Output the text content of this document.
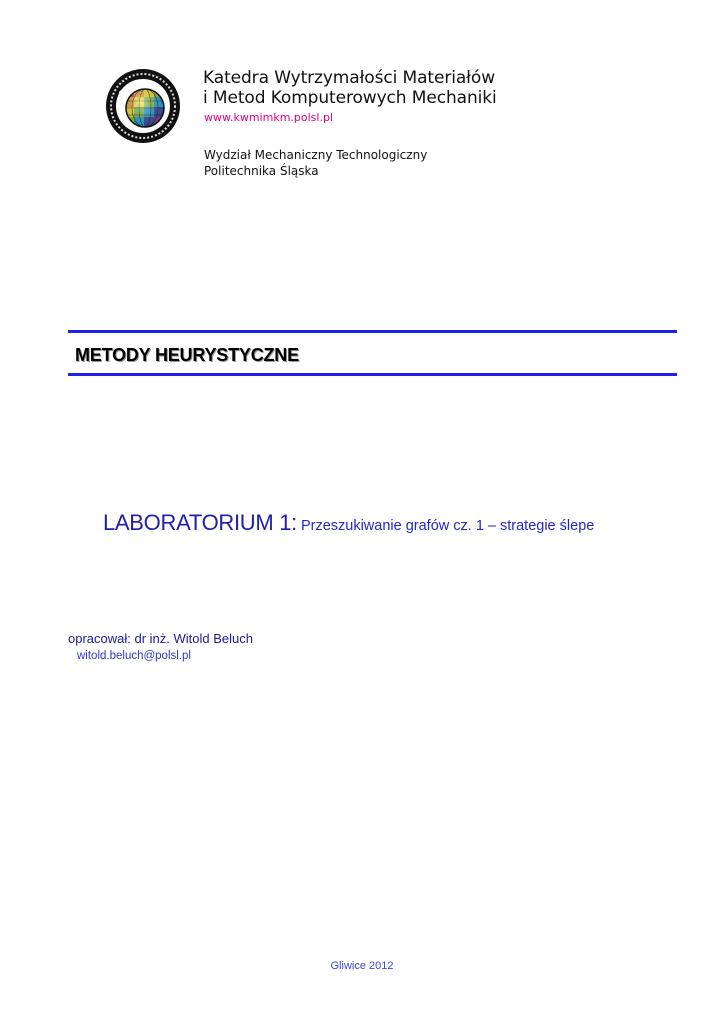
Katedra Wytrzymałości Materiałów
i Metod Komputerowych Mechaniki
www.kwmimkm.polsl.pl
Wydział Mechaniczny Technologiczny
Politechnika Śląska
METODY HEURYSTYCZNE
LABORATORIUM 1: Przeszukiwanie grafów cz. 1 – strategie ślepe
opracował: dr inż. Witold Beluch
witold.beluch@polsl.pl
Gliwice 2012
